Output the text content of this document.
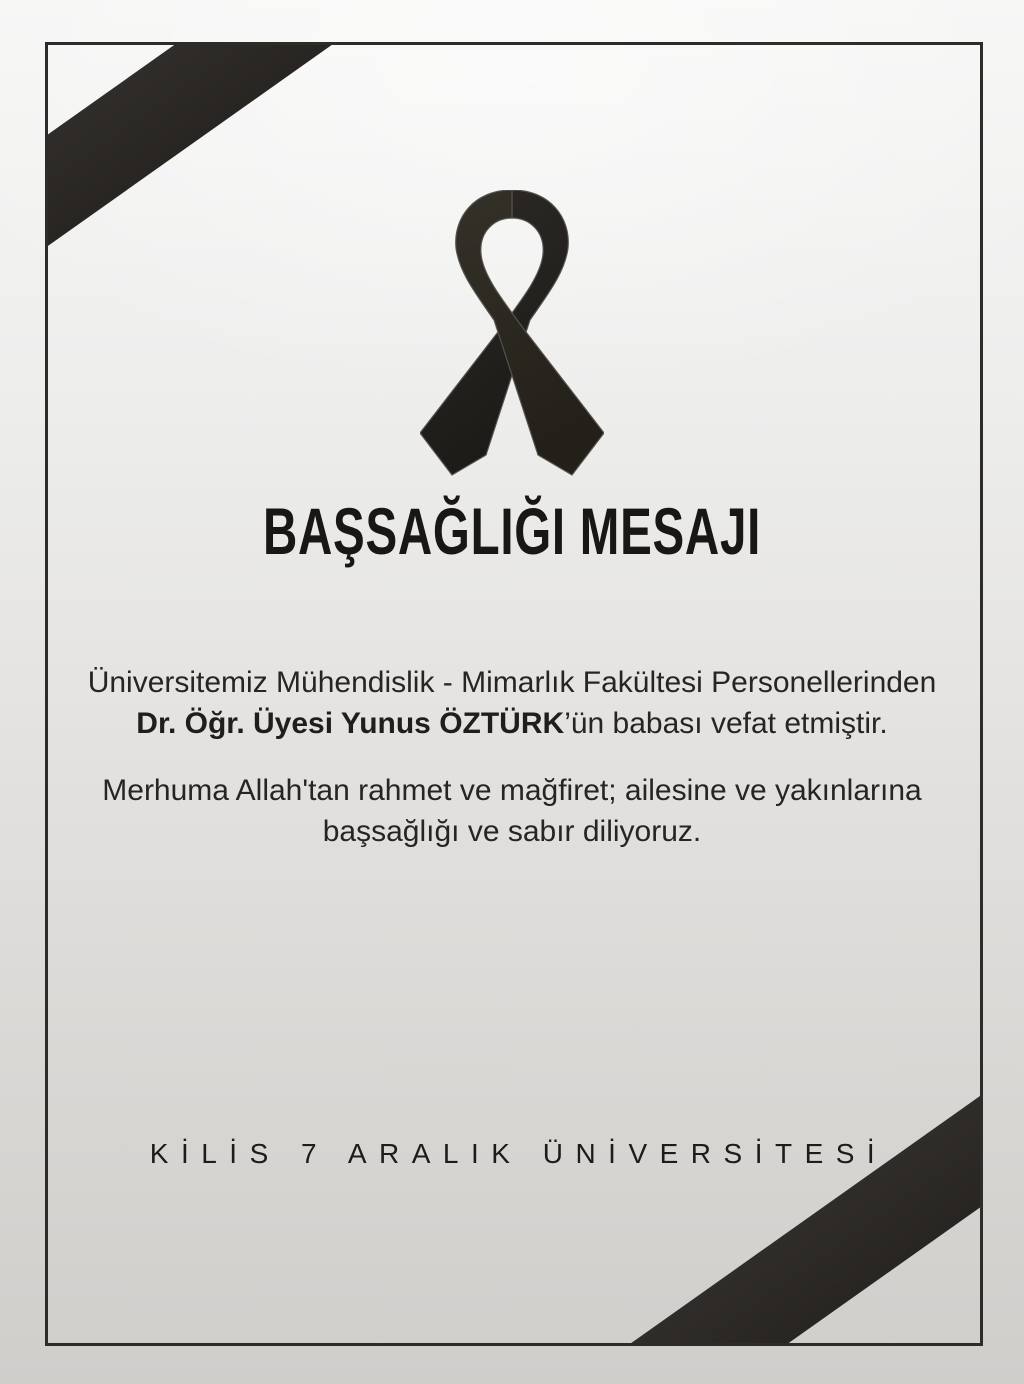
BAŞSAĞLIĞI MESAJI

Üniversitemiz Mühendislik - Mimarlık Fakültesi Personellerinden
Dr. Öğr. Üyesi Yunus ÖZTÜRK’ün babası vefat etmiştir.

Merhuma Allah'tan rahmet ve mağfiret; ailesine ve yakınlarına
başsağlığı ve sabır diliyoruz.

KİLİS 7 ARALIK ÜNİVERSİTESİ
